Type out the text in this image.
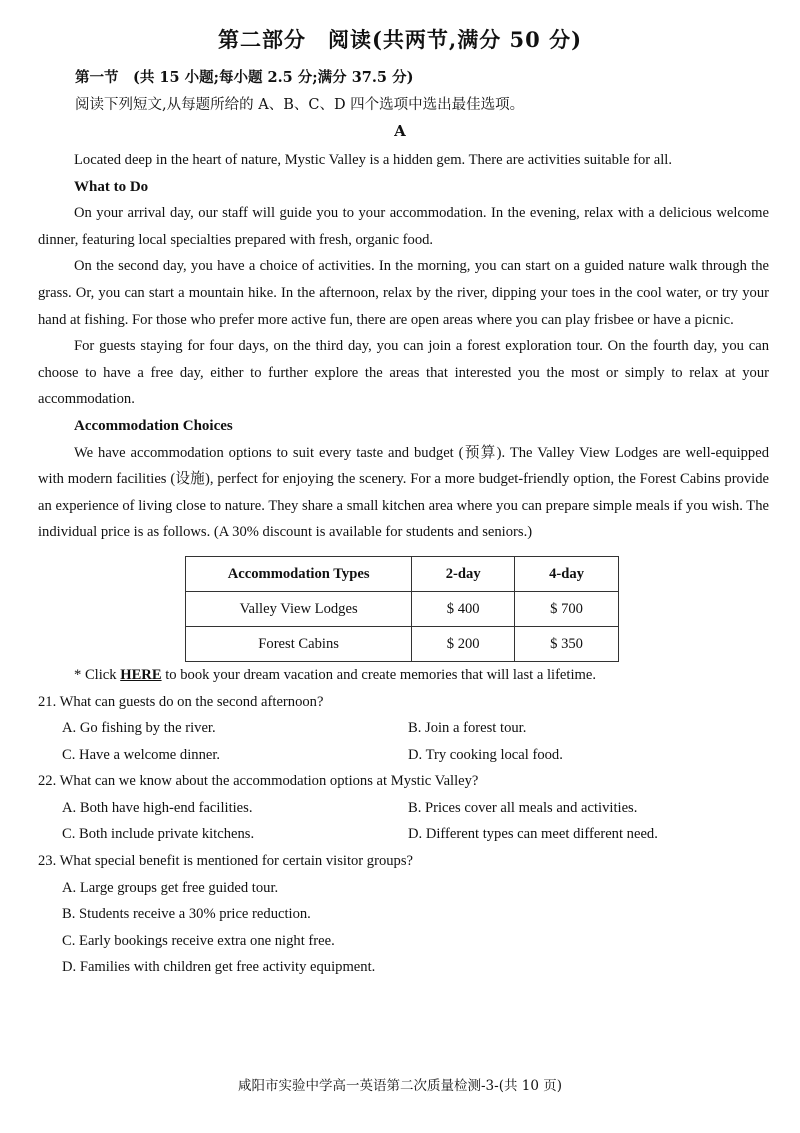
第二部分　阅读(共两节,满分 50 分)
第一节　(共 15 小题;每小题 2.5 分;满分 37.5 分)
阅读下列短文,从每题所给的 A、B、C、D 四个选项中选出最佳选项。
A

Located deep in the heart of nature, Mystic Valley is a hidden gem. There are activities suitable for all.

What to Do

On your arrival day, our staff will guide you to your accommodation. In the evening, relax with a delicious welcome dinner, featuring local specialties prepared with fresh, organic food.

On the second day, you have a choice of activities. In the morning, you can start on a guided nature walk through the grass. Or, you can start a mountain hike. In the afternoon, relax by the river, dipping your toes in the cool water, or try your hand at fishing. For those who prefer more active fun, there are open areas where you can play frisbee or have a picnic.

For guests staying for four days, on the third day, you can join a forest exploration tour. On the fourth day, you can choose to have a free day, either to further explore the areas that interested you the most or simply to relax at your accommodation.

Accommodation Choices

We have accommodation options to suit every taste and budget (预算). The Valley View Lodges are well-equipped with modern facilities (设施), perfect for enjoying the scenery. For a more budget-friendly option, the Forest Cabins provide an experience of living close to nature. They share a small kitchen area where you can prepare simple meals if you wish. The individual price is as follows. (A 30% discount is available for students and seniors.)

Accommodation Types	2-day	4-day
Valley View Lodges	$ 400	$ 700
Forest Cabins	$ 200	$ 350

* Click HERE to book your dream vacation and create memories that will last a lifetime.

21. What can guests do on the second afternoon?

A. Go fishing by the river.	B. Join a forest tour.
C. Have a welcome dinner.	D. Try cooking local food.

22. What can we know about the accommodation options at Mystic Valley?

A. Both have high-end facilities.	B. Prices cover all meals and activities.
C. Both include private kitchens.	D. Different types can meet different need.

23. What special benefit is mentioned for certain visitor groups?

A. Large groups get free guided tour.

B. Students receive a 30% price reduction.

C. Early bookings receive extra one night free.

D. Families with children get free activity equipment.

咸阳市实验中学高一英语第二次质量检测-3-(共 10 页)
